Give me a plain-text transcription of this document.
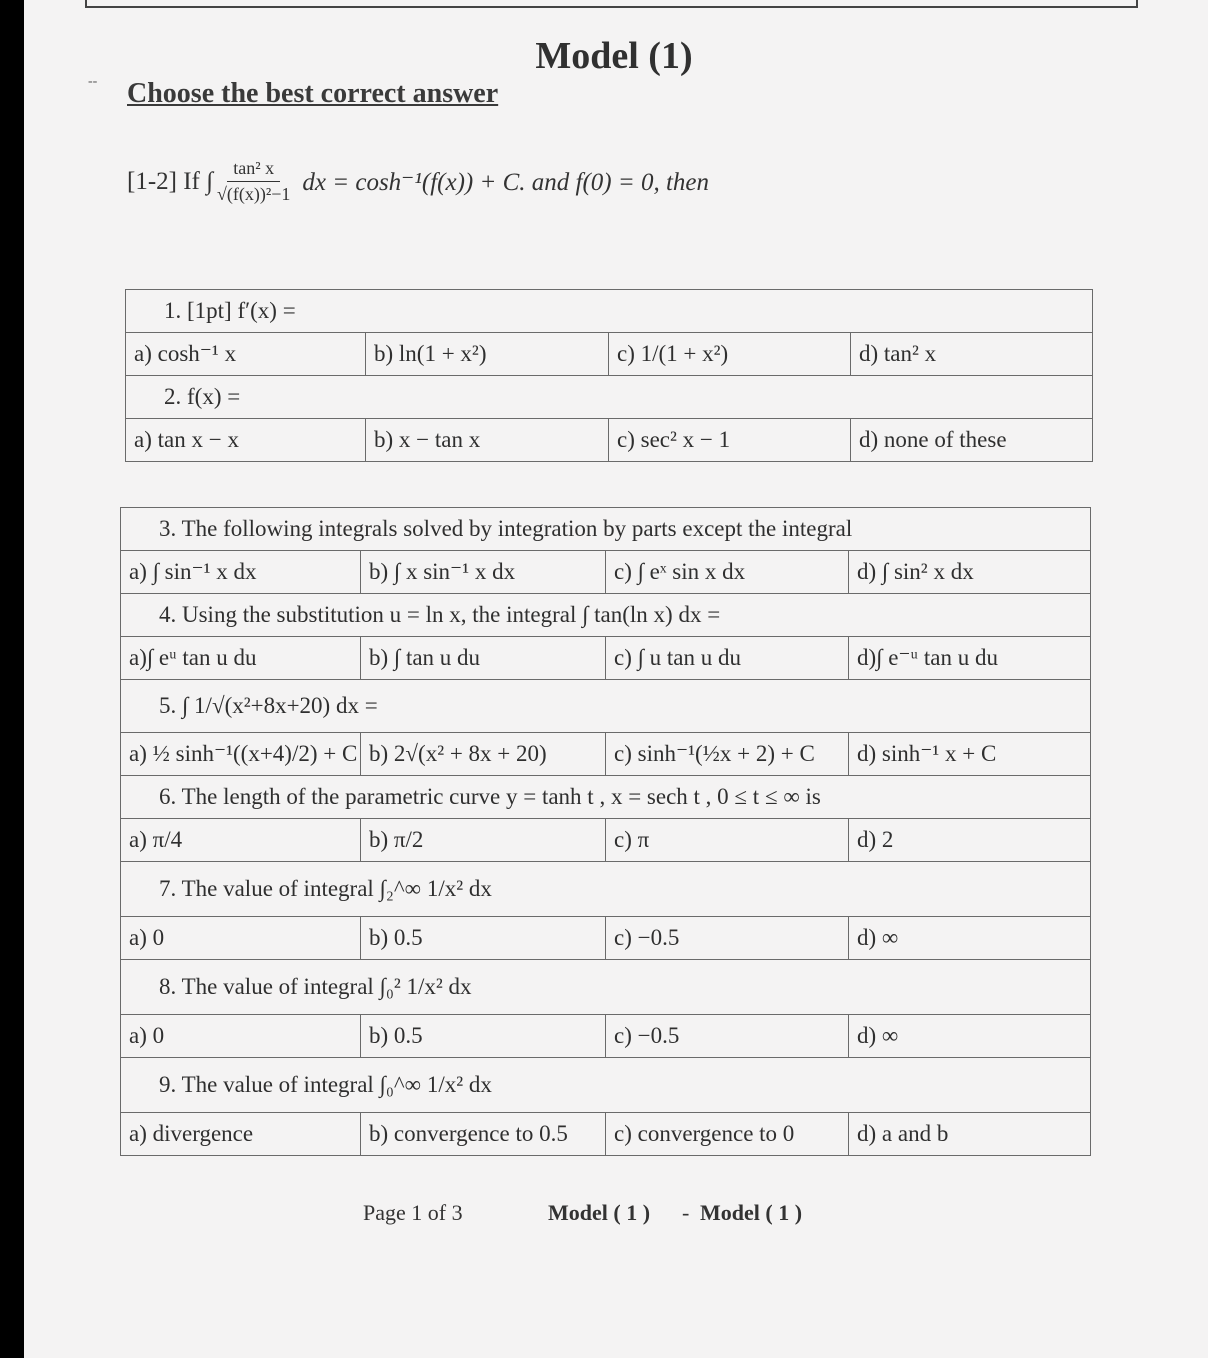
--
Model (1)
Choose the best correct answer
[1-2] If ∫ $\frac{\text{tan² x}}{\text{√(f(x))²−1}}$ dx = cosh⁻¹(f(x)) + C. and f(0) = 0, then
1. [1pt] f′(x) =			
a) cosh⁻¹ x	b) ln(1 + x²)	c) 1/(1 + x²)	d) tan² x
2. f(x) =			
a) tan x − x	b) x − tan x	c) sec² x − 1	d) none of these
3. The following integrals solved by integration by parts except the integral			
a) ∫ sin⁻¹ x dx	b) ∫ x sin⁻¹ x dx	c) ∫ eˣ sin x dx	d) ∫ sin² x dx
4. Using the substitution u = ln x, the integral ∫ tan(ln x) dx =			
a)∫ eᵘ tan u du	b) ∫ tan u du	c) ∫ u tan u du	d)∫ e⁻ᵘ tan u du
5. ∫ 1/√(x²+8x+20) dx =			
a) ½ sinh⁻¹((x+4)/2) + C	b) 2√(x² + 8x + 20)	c) sinh⁻¹(½x + 2) + C	d) sinh⁻¹ x + C
6. The length of the parametric curve y = tanh t , x = sech t , 0 ≤ t ≤ ∞ is			
a) π/4	b) π/2	c) π	d) 2
7. The value of integral ∫₂^∞ 1/x² dx			
a) 0	b) 0.5	c) −0.5	d) ∞
8. The value of integral ∫₀² 1/x² dx			
a) 0	b) 0.5	c) −0.5	d) ∞
9. The value of integral ∫₀^∞ 1/x² dx			
a) divergence	b) convergence to 0.5	c) convergence to 0	d) a and b
Page 1 of 3	Model ( 1 ) - Model ( 1 )
